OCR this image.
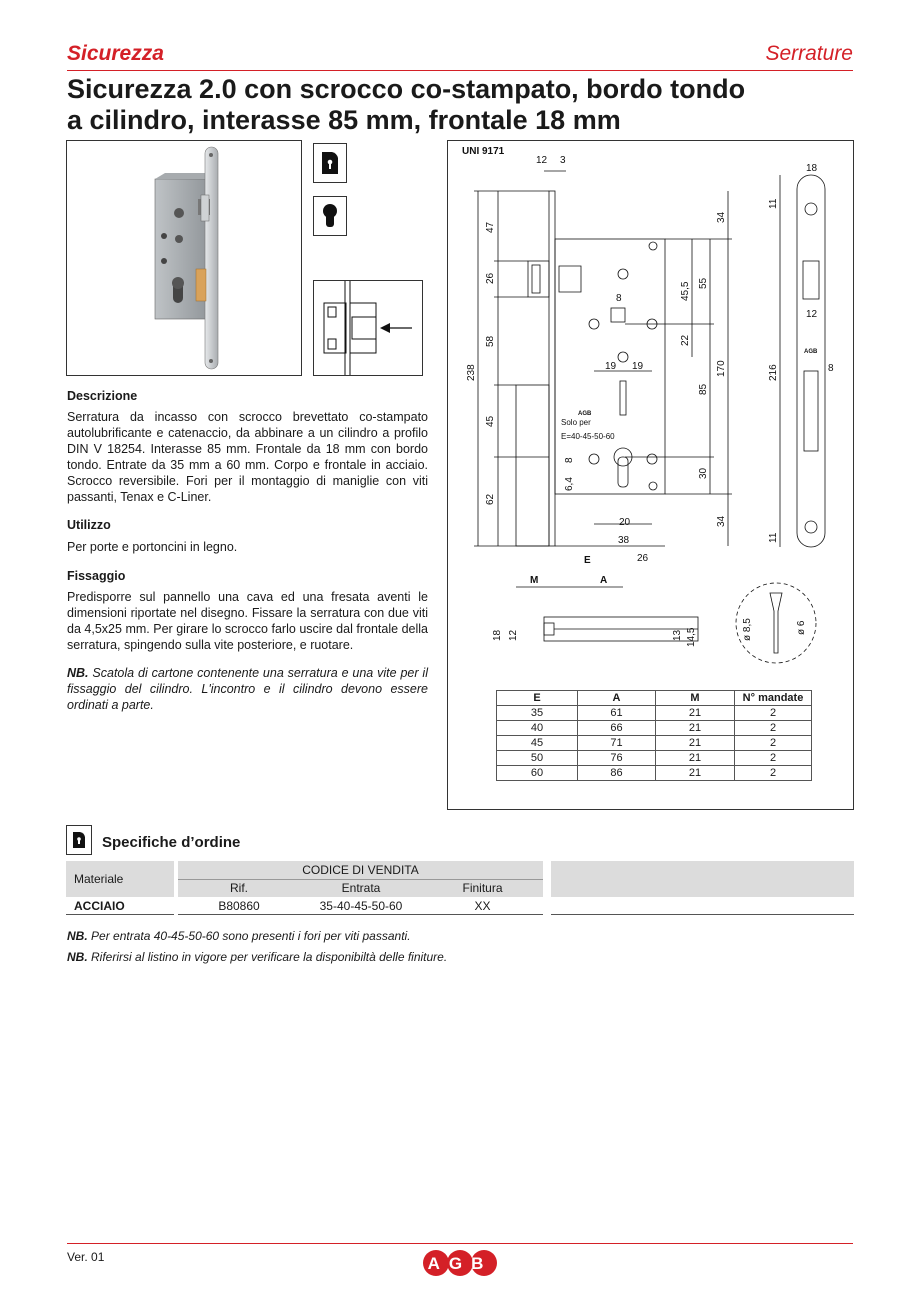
Sicurezza	Serrature
Sicurezza 2.0 con scrocco co-stampato, bordo tondo
a cilindro, interasse 85 mm, frontale 18 mm
Descrizione
Serratura da incasso con scrocco brevettato co-stampato autolubrificante e catenaccio, da abbinare a un cilindro a profilo DIN V 18254. Interasse 85 mm. Frontale da 18 mm con bordo tondo. Entrate da 35 mm a 60 mm. Corpo e frontale in acciaio. Scrocco reversibile. Fori per il montaggio di maniglie con viti passanti, Tenax e C-Liner.
Utilizzo
Per porte e portoncini in legno.
Fissaggio
Predisporre sul pannello una cava ed una fresata aventi le dimensioni riportate nel disegno. Fissare la serratura con due viti da 4,5x25 mm. Per girare lo scrocco farlo uscire dal frontale della serratura, spingendo sulla vite posteriore, e ruotare.
NB. Scatola di cartone contenente una serratura e una vite per il fissaggio del cilindro. L'incontro e il cilindro devono essere ordinati a parte.
UNI 9171
12 3
18
47
26
58
45
62
238
34
45,5 55
22
85
170
30
34
19 19
20
38
26
8
6,4
8
8
Solo per
E=40-45-50-60
AGB
E
M	A
11
12
216
11
AGB
18 12	13 14,5	ø 8,5	ø 6
E	A	M	N° mandate
35	61	21	2
40	66	21	2
45	71	21	2
50	76	21	2
60	86	21	2
Specifiche d’ordine
Materiale
CODICE DI VENDITA
Rif.	Entrata	Finitura
ACCIAIO	B80860	35-40-45-50-60	XX
NB. Per entrata 40-45-50-60 sono presenti i fori per viti passanti.
NB. Riferirsi al listino in vigore per verificare la disponibiltà delle finiture.
Ver. 01	AGB
